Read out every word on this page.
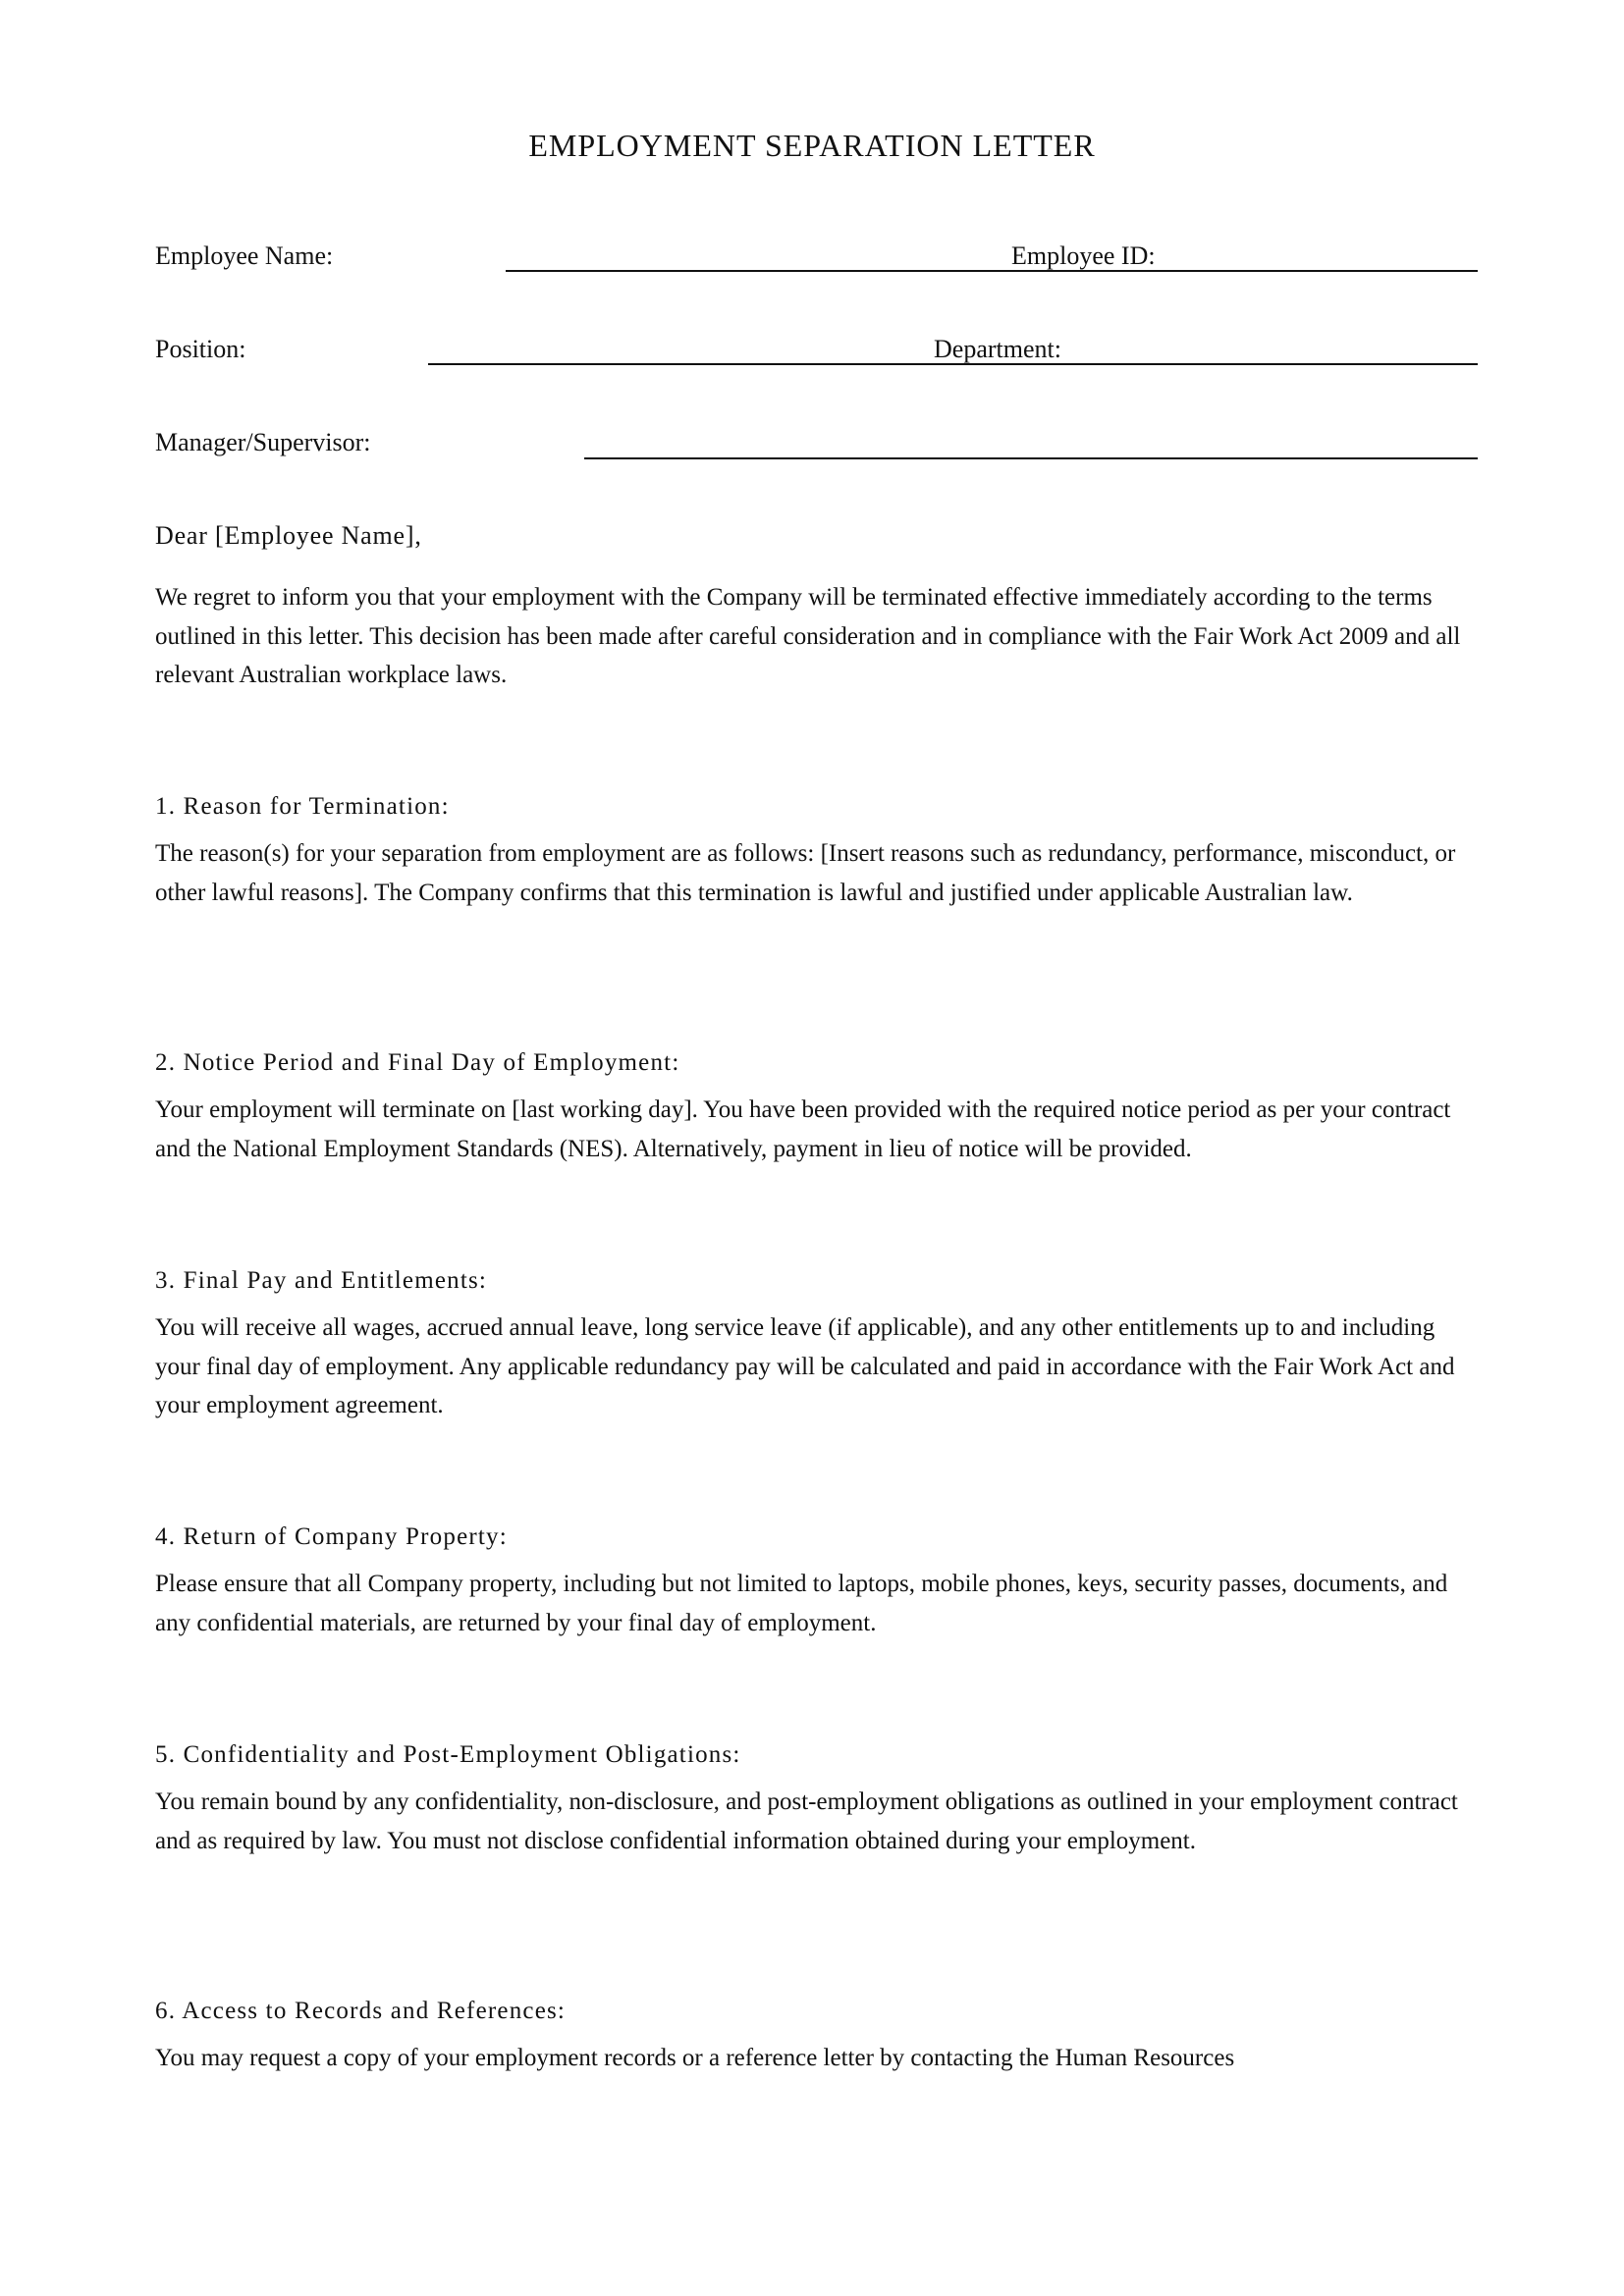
EMPLOYMENT SEPARATION LETTER
Employee Name:	Employee ID:
Position:	Department:
Manager/Supervisor:
Dear [Employee Name],

We regret to inform you that your employment with the Company will be terminated effective immediately according to the terms outlined in this letter. This decision has been made after careful consideration and in compliance with the Fair Work Act 2009 and all relevant Australian workplace laws.

1. Reason for Termination:

The reason(s) for your separation from employment are as follows: [Insert reasons such as redundancy, performance, misconduct, or other lawful reasons]. The Company confirms that this termination is lawful and justified under applicable Australian law.

2. Notice Period and Final Day of Employment:

Your employment will terminate on [last working day]. You have been provided with the required notice period as per your contract and the National Employment Standards (NES). Alternatively, payment in lieu of notice will be provided.

3. Final Pay and Entitlements:

You will receive all wages, accrued annual leave, long service leave (if applicable), and any other entitlements up to and including your final day of employment. Any applicable redundancy pay will be calculated and paid in accordance with the Fair Work Act and your employment agreement.

4. Return of Company Property:

Please ensure that all Company property, including but not limited to laptops, mobile phones, keys, security passes, documents, and any confidential materials, are returned by your final day of employment.

5. Confidentiality and Post-Employment Obligations:

You remain bound by any confidentiality, non-disclosure, and post-employment obligations as outlined in your employment contract and as required by law. You must not disclose confidential information obtained during your employment.

6. Access to Records and References:

You may request a copy of your employment records or a reference letter by contacting the Human Resources
